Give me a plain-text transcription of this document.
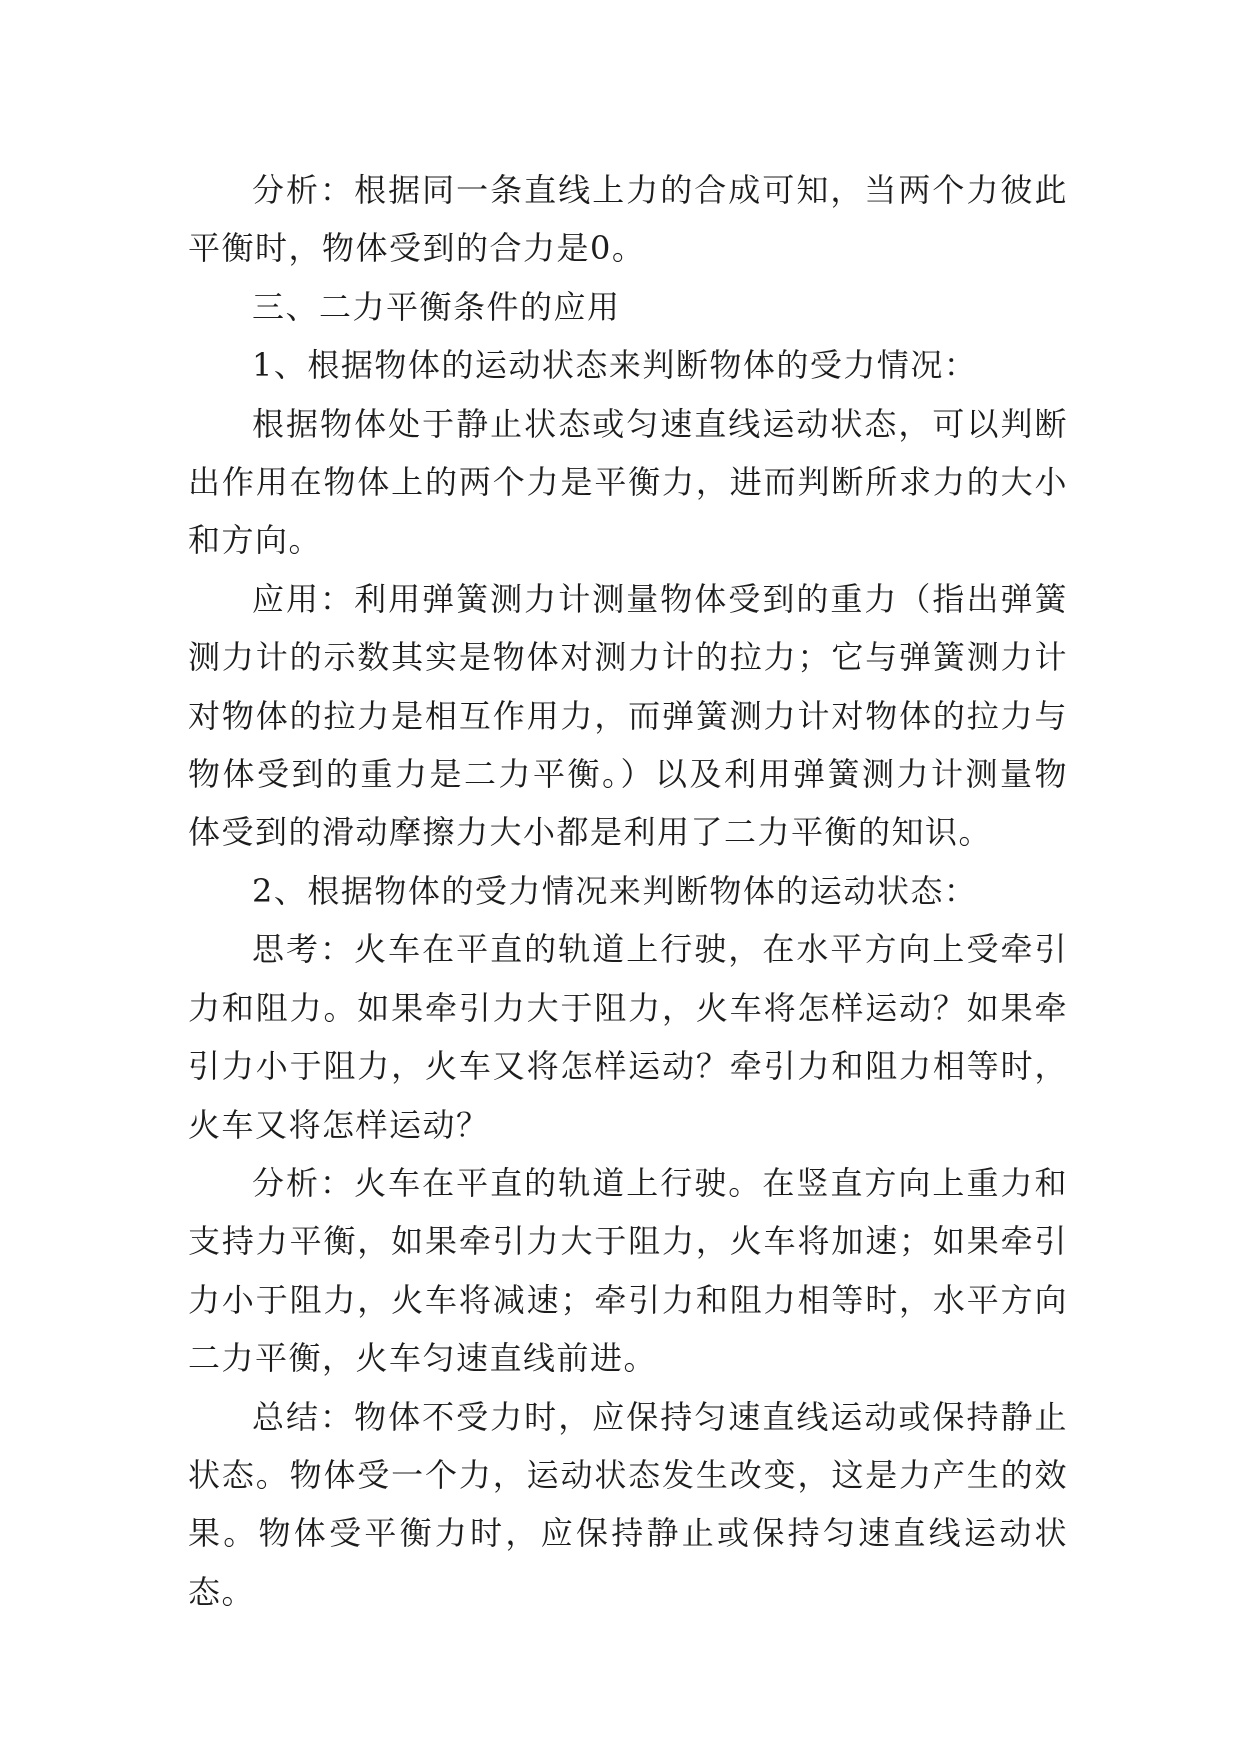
分析：根据同一条直线上力的合成可知，当两个力彼此平衡时，物体受到的合力是0。

三、二力平衡条件的应用

1、根据物体的运动状态来判断物体的受力情况：

根据物体处于静止状态或匀速直线运动状态，可以判断出作用在物体上的两个力是平衡力，进而判断所求力的大小和方向。

应用：利用弹簧测力计测量物体受到的重力（指出弹簧测力计的示数其实是物体对测力计的拉力；它与弹簧测力计对物体的拉力是相互作用力，而弹簧测力计对物体的拉力与物体受到的重力是二力平衡。）以及利用弹簧测力计测量物体受到的滑动摩擦力大小都是利用了二力平衡的知识。

2、根据物体的受力情况来判断物体的运动状态：

思考：火车在平直的轨道上行驶，在水平方向上受牵引力和阻力。如果牵引力大于阻力，火车将怎样运动？如果牵引力小于阻力，火车又将怎样运动？牵引力和阻力相等时，火车又将怎样运动？

分析：火车在平直的轨道上行驶。在竖直方向上重力和支持力平衡，如果牵引力大于阻力，火车将加速；如果牵引力小于阻力，火车将减速；牵引力和阻力相等时，水平方向二力平衡，火车匀速直线前进。

总结：物体不受力时，应保持匀速直线运动或保持静止状态。物体受一个力，运动状态发生改变，这是力产生的效果。物体受平衡力时，应保持静止或保持匀速直线运动状态。
